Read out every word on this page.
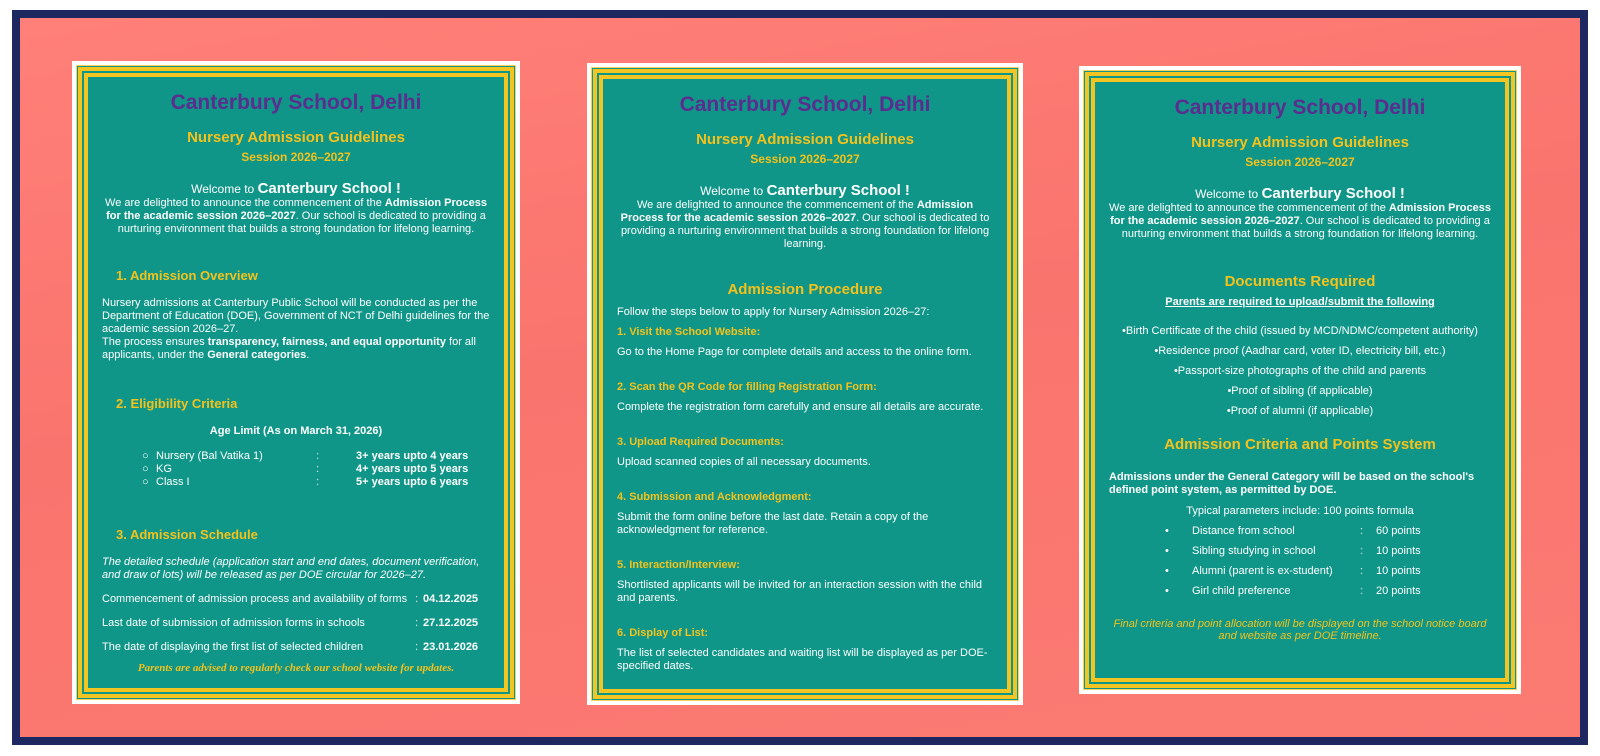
Canterbury School, Delhi
Nursery Admission Guidelines
Session 2026–2027
Welcome to Canterbury School !
We are delighted to announce the commencement of the Admission Process for the academic session 2026–2027. Our school is dedicated to providing a nurturing environment that builds a strong foundation for lifelong learning.
1. Admission Overview
Nursery admissions at Canterbury Public School will be conducted as per the Department of Education (DOE), Government of NCT of Delhi guidelines for the academic session 2026–27.
The process ensures transparency, fairness, and equal opportunity for all applicants, under the General categories.
2. Eligibility Criteria
Age Limit (As on March 31, 2026)
○ Nursery (Bal Vatika 1)	:	3+ years upto 4 years
○ KG	:	4+ years upto 5 years
○ Class I	:	5+ years upto 6 years
3. Admission Schedule
The detailed schedule (application start and end dates, document verification, and draw of lots) will be released as per DOE circular for 2026–27.
Commencement of admission process and availability of forms : 04.12.2025
Last date of submission of admission forms in schools	: 27.12.2025
The date of displaying the first list of selected children	: 23.01.2026
Parents are advised to regularly check our school website for updates.
Canterbury School, Delhi
Nursery Admission Guidelines
Session 2026–2027
Welcome to Canterbury School !
We are delighted to announce the commencement of the Admission Process for the academic session 2026–2027. Our school is dedicated to providing a nurturing environment that builds a strong foundation for lifelong learning.
Admission Procedure
Follow the steps below to apply for Nursery Admission 2026–27:
1. Visit the School Website:
Go to the Home Page for complete details and access to the online form.
2. Scan the QR Code for filling Registration Form:
Complete the registration form carefully and ensure all details are accurate.
3. Upload Required Documents:
Upload scanned copies of all necessary documents.
4. Submission and Acknowledgment:
Submit the form online before the last date. Retain a copy of the acknowledgment for reference.
5. Interaction/Interview:
Shortlisted applicants will be invited for an interaction session with the child and parents.
6. Display of List:
The list of selected candidates and waiting list will be displayed as per DOE-specified dates.
Canterbury School, Delhi
Nursery Admission Guidelines
Session 2026–2027
Welcome to Canterbury School !
We are delighted to announce the commencement of the Admission Process for the academic session 2026–2027. Our school is dedicated to providing a nurturing environment that builds a strong foundation for lifelong learning.
Documents Required
Parents are required to upload/submit the following
•Birth Certificate of the child (issued by MCD/NDMC/competent authority)
•Residence proof (Aadhar card, voter ID, electricity bill, etc.)
•Passport-size photographs of the child and parents
•Proof of sibling (if applicable)
•Proof of alumni (if applicable)
Admission Criteria and Points System
Admissions under the General Category will be based on the school's defined point system, as permitted by DOE.
Typical parameters include: 100 points formula
•	Distance from school	:	60 points
•	Sibling studying in school	:	10 points
•	Alumni (parent is ex-student)	:	10 points
•	Girl child preference	:	20 points
Final criteria and point allocation will be displayed on the school notice board and website as per DOE timeline.
